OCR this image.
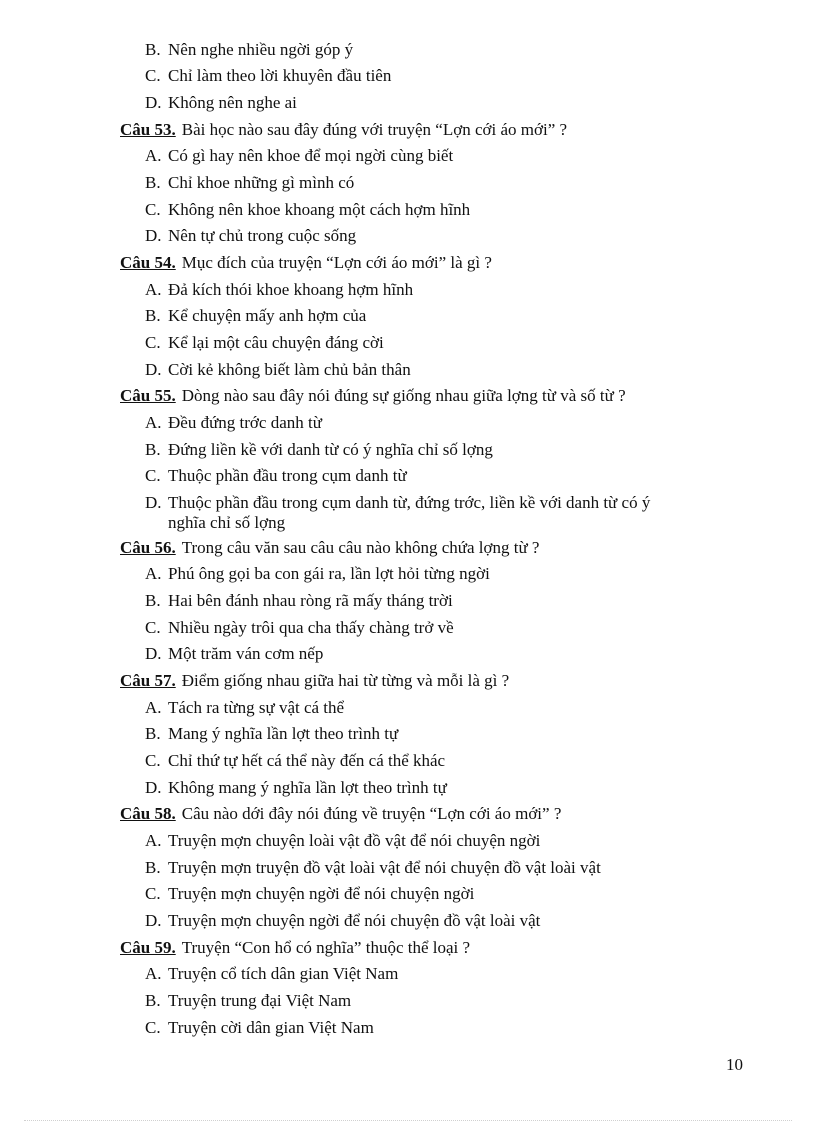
B. Nên nghe nhiều ngời góp ý
C. Chỉ làm theo lời khuyên đầu tiên
D. Không nên nghe ai
Câu 53. Bài học nào sau đây đúng với truyện “Lợn cới áo mới” ?
A. Có gì hay nên khoe để mọi ngời cùng biết
B. Chỉ khoe những gì mình có
C. Không nên khoe khoang một cách hợm hĩnh
D. Nên tự chủ trong cuộc sống
Câu 54. Mục đích của truyện “Lợn cới áo mới” là gì ?
A. Đả kích thói khoe khoang hợm hĩnh
B. Kể chuyện mấy anh hợm của
C. Kể lại một câu chuyện đáng cời
D. Cời kẻ không biết làm chủ bản thân
Câu 55. Dòng nào sau đây nói đúng sự giống nhau giữa lợng từ và số từ ?
A. Đều đứng trớc danh từ
B. Đứng liền kề với danh từ có ý nghĩa chỉ số lợng
C. Thuộc phần đầu trong cụm danh từ
D. Thuộc phần đầu trong cụm danh từ, đứng trớc, liền kề với danh từ có ý
nghĩa chỉ số lợng
Câu 56. Trong câu văn sau câu câu nào không chứa lợng từ ?
A. Phú ông gọi ba con gái ra, lần lợt hỏi từng ngời
B. Hai bên đánh nhau ròng rã mấy tháng trời
C. Nhiều ngày trôi qua cha thấy chàng trở về
D. Một trăm ván cơm nếp
Câu 57. Điểm giống nhau giữa hai từ từng và mỗi là gì ?
A. Tách ra từng sự vật cá thể
B. Mang ý nghĩa lần lợt theo trình tự
C. Chỉ thứ tự hết cá thể này đến cá thể khác
D. Không mang ý nghĩa lần lợt theo trình tự
Câu 58. Câu nào dới đây nói đúng về truyện “Lợn cới áo mới” ?
A. Truyện mợn chuyện loài vật đồ vật để nói chuyện ngời
B. Truyện mợn truyện đồ vật loài vật để nói chuyện đồ vật loài vật
C. Truyện mợn chuyện ngời để nói chuyện ngời
D. Truyện mợn chuyện ngời để nói chuyện đồ vật loài vật
Câu 59. Truyện “Con hổ có nghĩa” thuộc thể loại ?
A. Truyện cổ tích dân gian Việt Nam
B. Truyện trung đại Việt Nam
C. Truyện cời dân gian Việt Nam
10
